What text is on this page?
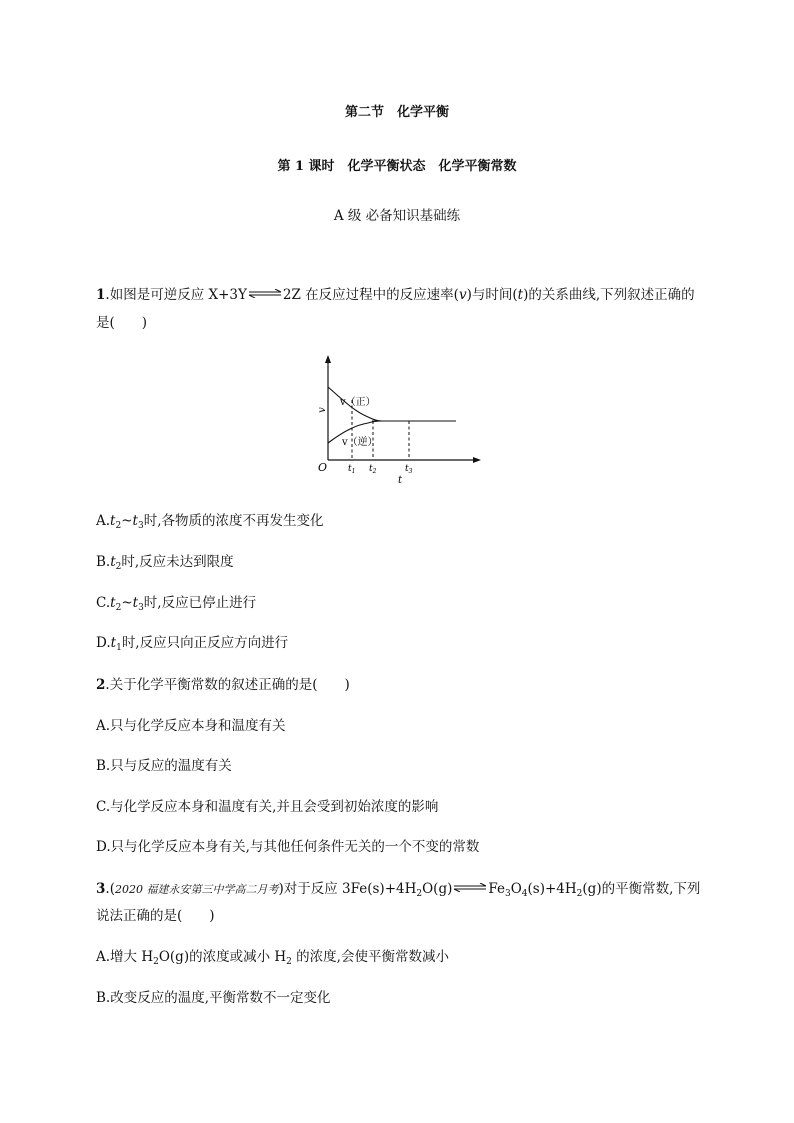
第二节　化学平衡
第 1 课时　化学平衡状态　化学平衡常数
A 级 必备知识基础练
1.如图是可逆反应 X+3Y⇌2Z 在反应过程中的反应速率(v)与时间(t)的关系曲线,下列叙述正确的
是(　　)
v
v（正）
v（逆）
O $t_1$ $t_2$	$t_3$
t
$A.t_2\sim t_3$时,各物质的浓度不再发生变化
$B.t_2$时,反应未达到限度
$C.t_2\sim t_3$时,反应已停止进行
$D.t_1$时,反应只向正反应方向进行
2.关于化学平衡常数的叙述正确的是(　　)
A.只与化学反应本身和温度有关
B.只与反应的温度有关
C.与化学反应本身和温度有关,并且会受到初始浓度的影响
D.只与化学反应本身有关,与其他任何条件无关的一个不变的常数
3.(2020 福建永安第三中学高二月考)对于反应 $3Fe(s)+4H_2O(g)\rightleftharpoons Fe_3O_4(s)+4H_2(g)$的平衡常数,下列
说法正确的是(　　)
A.增大 $H_2O(g)$的浓度或减小 $H_2$ 的浓度,会使平衡常数减小
B.改变反应的温度,平衡常数不一定变化
